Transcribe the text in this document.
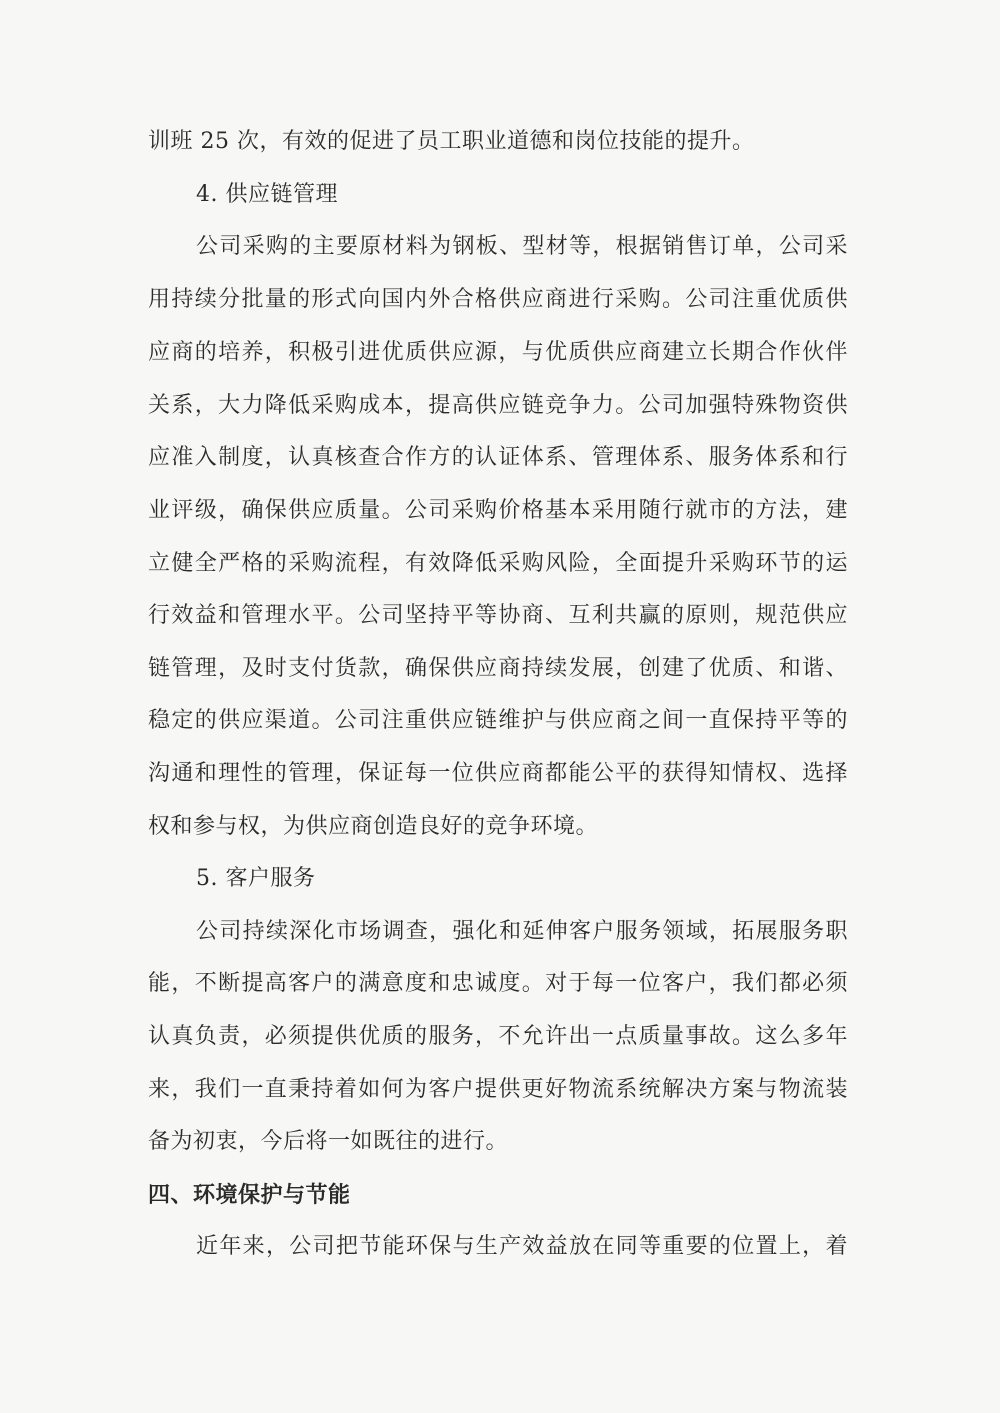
训班 25 次，有效的促进了员工职业道德和岗位技能的提升。
4. 供应链管理
公司采购的主要原材料为钢板、型材等，根据销售订单，公司采
用持续分批量的形式向国内外合格供应商进行采购。公司注重优质供
应商的培养，积极引进优质供应源，与优质供应商建立长期合作伙伴
关系，大力降低采购成本，提高供应链竞争力。公司加强特殊物资供
应准入制度，认真核查合作方的认证体系、管理体系、服务体系和行
业评级，确保供应质量。公司采购价格基本采用随行就市的方法，建
立健全严格的采购流程，有效降低采购风险，全面提升采购环节的运
行效益和管理水平。公司坚持平等协商、互利共赢的原则，规范供应
链管理，及时支付货款，确保供应商持续发展，创建了优质、和谐、
稳定的供应渠道。公司注重供应链维护与供应商之间一直保持平等的
沟通和理性的管理，保证每一位供应商都能公平的获得知情权、选择
权和参与权，为供应商创造良好的竞争环境。
5. 客户服务
公司持续深化市场调查，强化和延伸客户服务领域，拓展服务职
能，不断提高客户的满意度和忠诚度。对于每一位客户，我们都必须
认真负责，必须提供优质的服务，不允许出一点质量事故。这么多年
来，我们一直秉持着如何为客户提供更好物流系统解决方案与物流装
备为初衷，今后将一如既往的进行。
四、环境保护与节能
近年来，公司把节能环保与生产效益放在同等重要的位置上，着
